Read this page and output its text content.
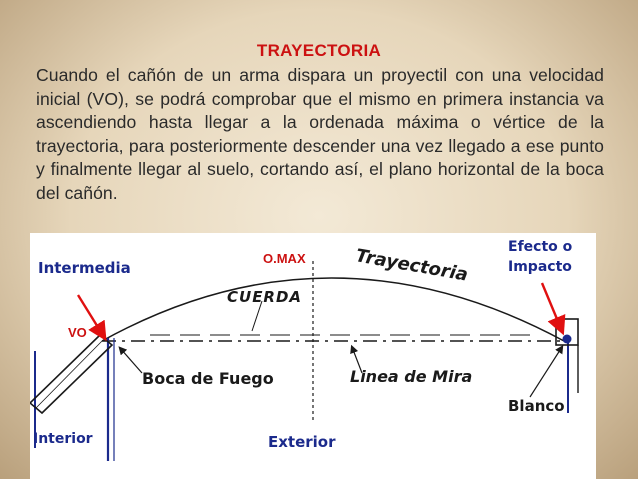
TRAYECTORIA
Cuando el cañón de un arma dispara un proyectil con una velocidad inicial (VO), se podrá comprobar que el mismo en primera instancia va ascendiendo hasta llegar a la ordenada máxima o vértice de la trayectoria, para posteriormente descender una vez llegado a ese punto y finalmente llegar al suelo, cortando así, el plano horizontal de la boca del cañón.
Intermedia
VO
O.MAX	Trayectoria	Efecto o
Impacto
CUERDA
Boca de Fuego	Linea de Mira
Blanco
Interior	Exterior
